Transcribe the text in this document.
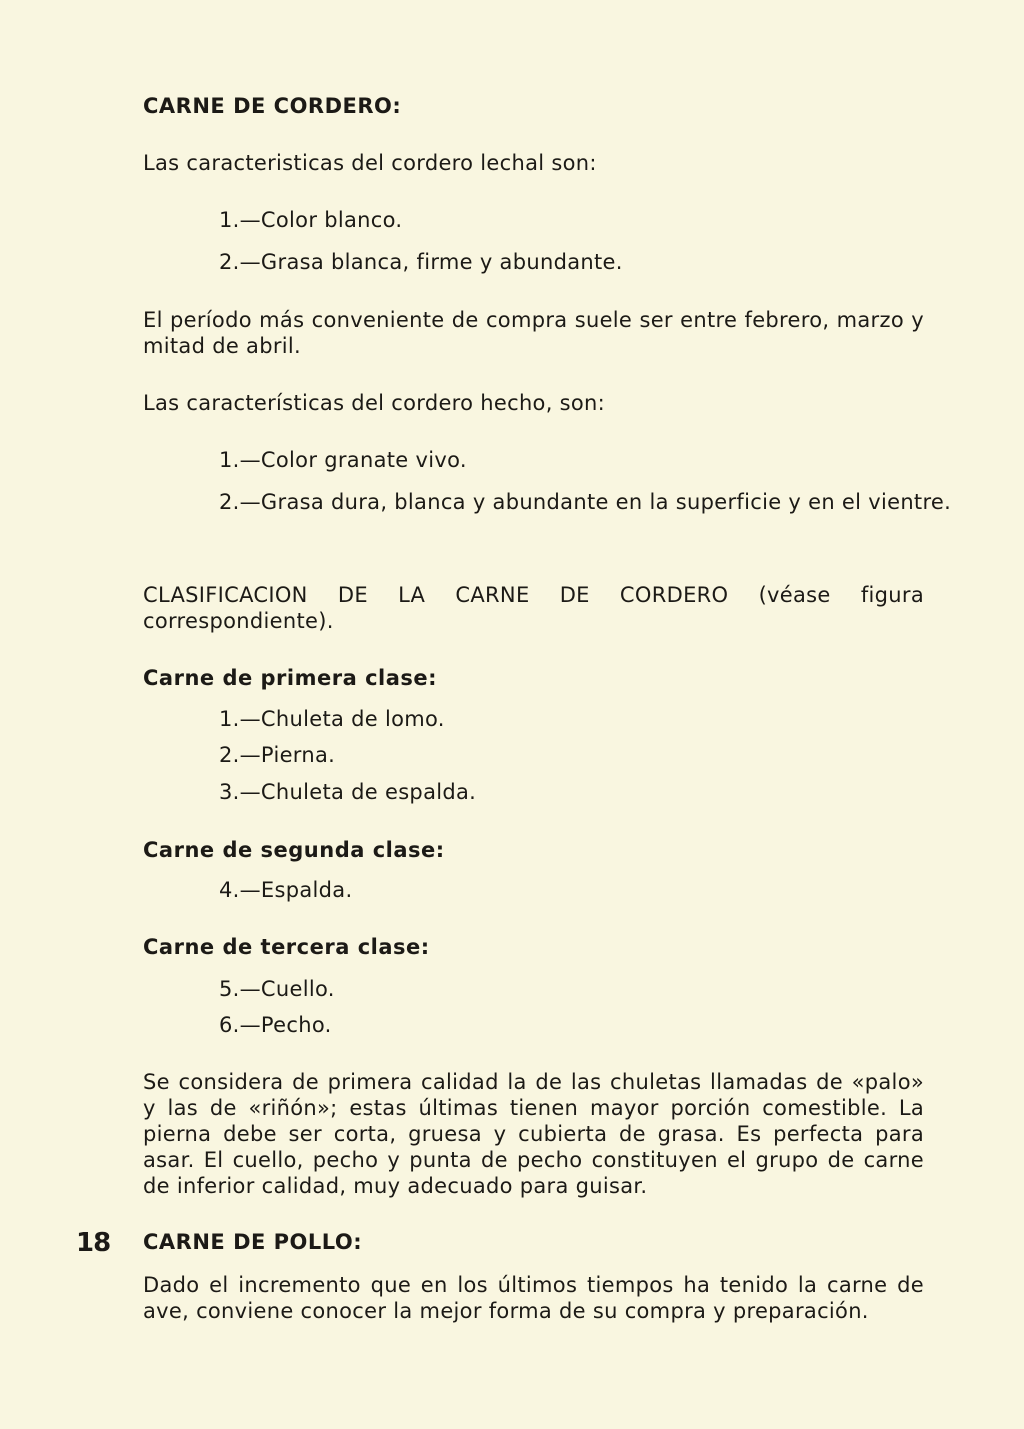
CARNE DE CORDERO:
Las caracteristicas del cordero lechal son:
1.—Color blanco.
2.—Grasa blanca, firme y abundante.
El período más conveniente de compra suele ser entre febrero, marzo y mitad de abril.
Las características del cordero hecho, son:
1.—Color granate vivo.
2.—Grasa dura, blanca y abundante en la superficie y en el vientre.
CLASIFICACION DE LA CARNE DE CORDERO (véase figura correspondiente).
Carne de primera clase:
1.—Chuleta de lomo.
2.—Pierna.
3.—Chuleta de espalda.
Carne de segunda clase:
4.—Espalda.
Carne de tercera clase:
5.—Cuello.
6.—Pecho.
Se considera de primera calidad la de las chuletas llamadas de «palo» y las de «riñón»; estas últimas tienen mayor porción comestible. La pierna debe ser corta, gruesa y cubierta de grasa. Es perfecta para asar. El cuello, pecho y punta de pecho constituyen el grupo de carne de inferior calidad, muy adecuado para guisar.
18 CARNE DE POLLO:
Dado el incremento que en los últimos tiempos ha tenido la carne de ave, conviene conocer la mejor forma de su compra y preparación.
